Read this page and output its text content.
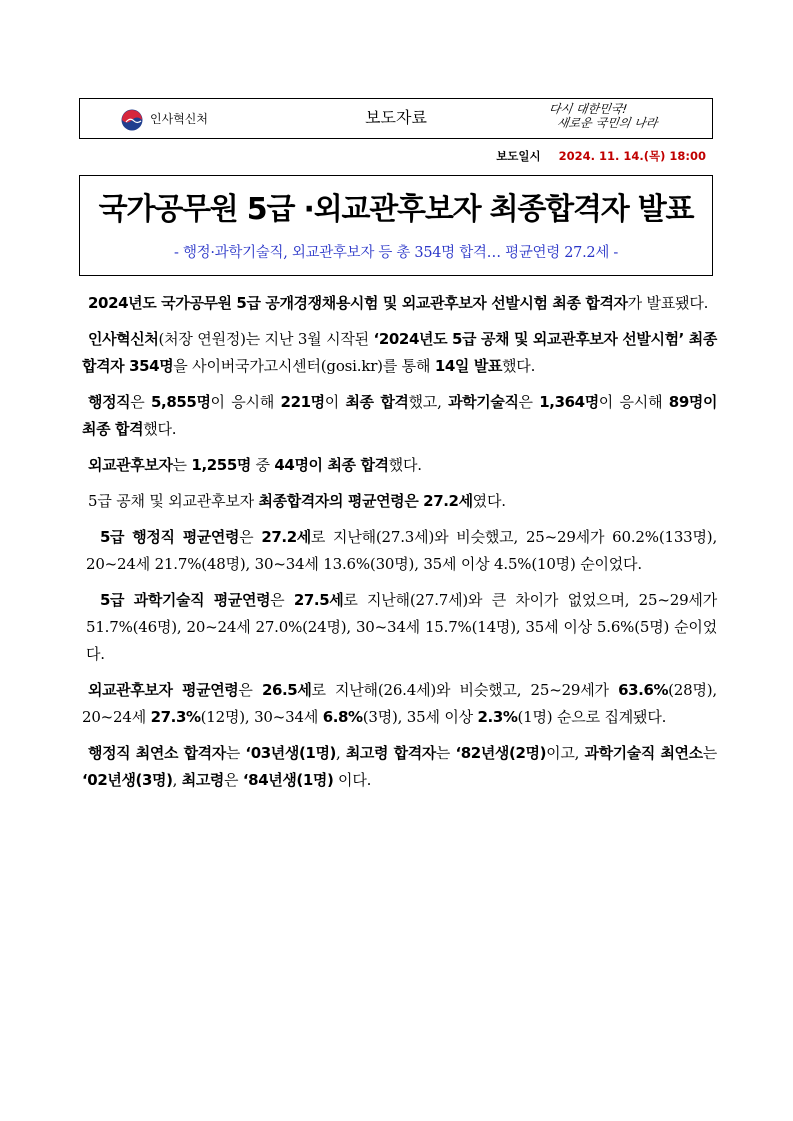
인사혁신처	보도자료	다시 대한민국!
새로운 국민의 나라
보도일시 2024. 11. 14.(목) 18:00
국가공무원 5급 ·외교관후보자 최종합격자 발표
- 행정·과학기술직, 외교관후보자 등 총 354명 합격… 평균연령 27.2세 -
2024년도 국가공무원 5급 공개경쟁채용시험 및 외교관후보자 선발시험 최종 합격자가 발표됐다.
인사혁신처(처장 연원정)는 지난 3월 시작된 ‘2024년도 5급 공채 및 외교관후보자 선발시험’ 최종합격자 354명을 사이버국가고시센터(gosi.kr)를 통해 14일 발표했다.
행정직은 5,855명이 응시해 221명이 최종 합격했고, 과학기술직은 1,364명이 응시해 89명이 최종 합격했다.
외교관후보자는 1,255명 중 44명이 최종 합격했다.
5급 공채 및 외교관후보자 최종합격자의 평균연령은 27.2세였다.
5급 행정직 평균연령은 27.2세로 지난해(27.3세)와 비슷했고, 25~29세가 60.2%(133명), 20~24세 21.7%(48명), 30~34세 13.6%(30명), 35세 이상 4.5%(10명) 순이었다.
5급 과학기술직 평균연령은 27.5세로 지난해(27.7세)와 큰 차이가 없었으며, 25~29세가 51.7%(46명), 20~24세 27.0%(24명), 30~34세 15.7%(14명), 35세 이상 5.6%(5명) 순이었다.
외교관후보자 평균연령은 26.5세로 지난해(26.4세)와 비슷했고, 25~29세가 63.6%(28명), 20~24세 27.3%(12명), 30~34세 6.8%(3명), 35세 이상 2.3%(1명) 순으로 집계됐다.
행정직 최연소 합격자는 ‘03년생(1명), 최고령 합격자는 ‘82년생(2명)이고, 과학기술직 최연소는 ‘02년생(3명), 최고령은 ‘84년생(1명) 이다.
